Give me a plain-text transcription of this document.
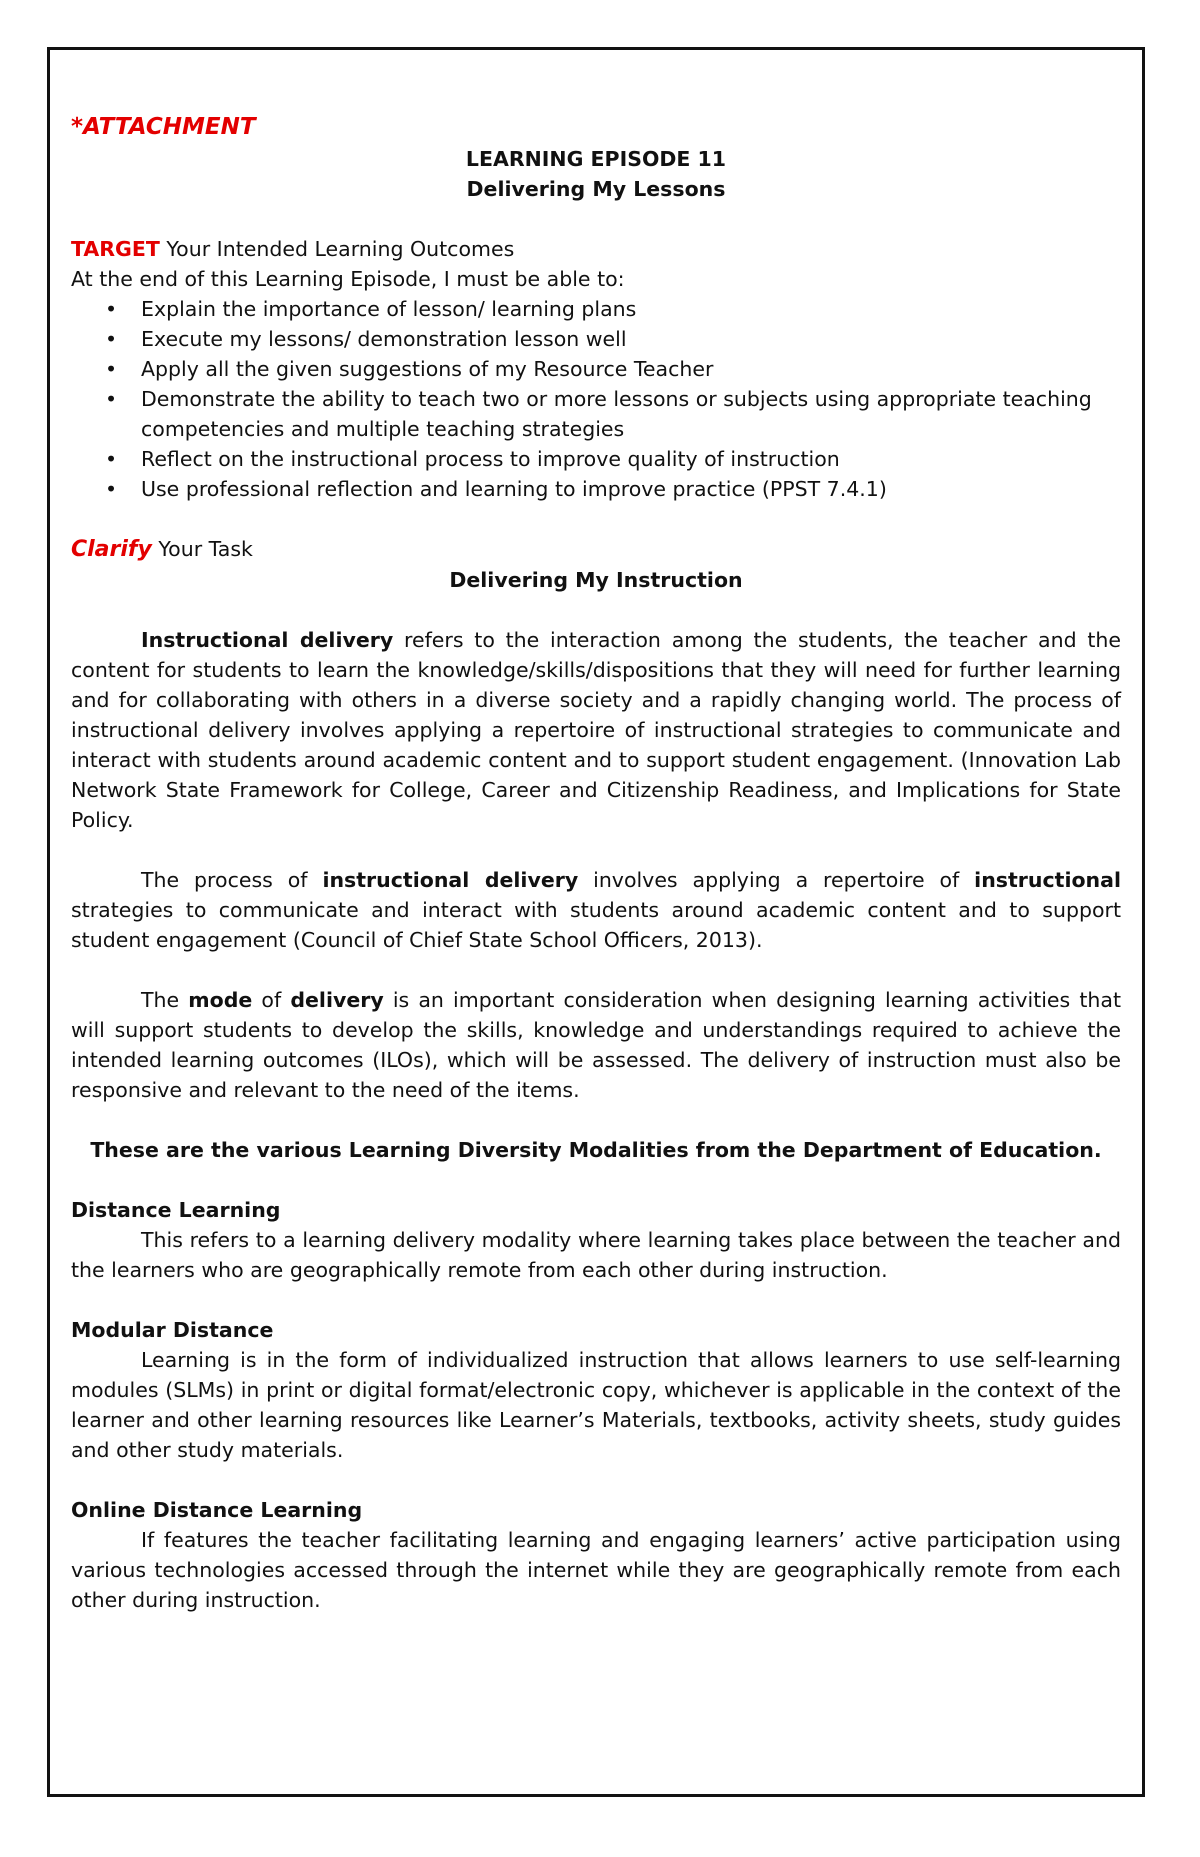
*ATTACHMENT

LEARNING EPISODE 11

Delivering My Lessons

TARGET Your Intended Learning Outcomes

At the end of this Learning Episode, I must be able to:

• Explain the importance of lesson/ learning plans
• Execute my lessons/ demonstration lesson well
• Apply all the given suggestions of my Resource Teacher
• Demonstrate the ability to teach two or more lessons or subjects using appropriate teaching competencies and multiple teaching strategies
• Reflect on the instructional process to improve quality of instruction
• Use professional reflection and learning to improve practice (PPST 7.4.1)

Clarify Your Task

Delivering My Instruction

Instructional delivery refers to the interaction among the students, the teacher and the content for students to learn the knowledge/skills/dispositions that they will need for further learning and for collaborating with others in a diverse society and a rapidly changing world. The process of instructional delivery involves applying a repertoire of instructional strategies to communicate and interact with students around academic content and to support student engagement. (Innovation Lab Network State Framework for College, Career and Citizenship Readiness, and Implications for State Policy.

The process of instructional delivery involves applying a repertoire of instructional strategies to communicate and interact with students around academic content and to support student engagement (Council of Chief State School Officers, 2013).

The mode of delivery is an important consideration when designing learning activities that will support students to develop the skills, knowledge and understandings required to achieve the intended learning outcomes (ILOs), which will be assessed. The delivery of instruction must also be responsive and relevant to the need of the items.

These are the various Learning Diversity Modalities from the Department of Education.

Distance Learning

This refers to a learning delivery modality where learning takes place between the teacher and the learners who are geographically remote from each other during instruction.

Modular Distance

Learning is in the form of individualized instruction that allows learners to use self-learning modules (SLMs) in print or digital format/electronic copy, whichever is applicable in the context of the learner and other learning resources like Learner’s Materials, textbooks, activity sheets, study guides and other study materials.

Online Distance Learning

If features the teacher facilitating learning and engaging learners’ active participation using various technologies accessed through the internet while they are geographically remote from each other during instruction.
